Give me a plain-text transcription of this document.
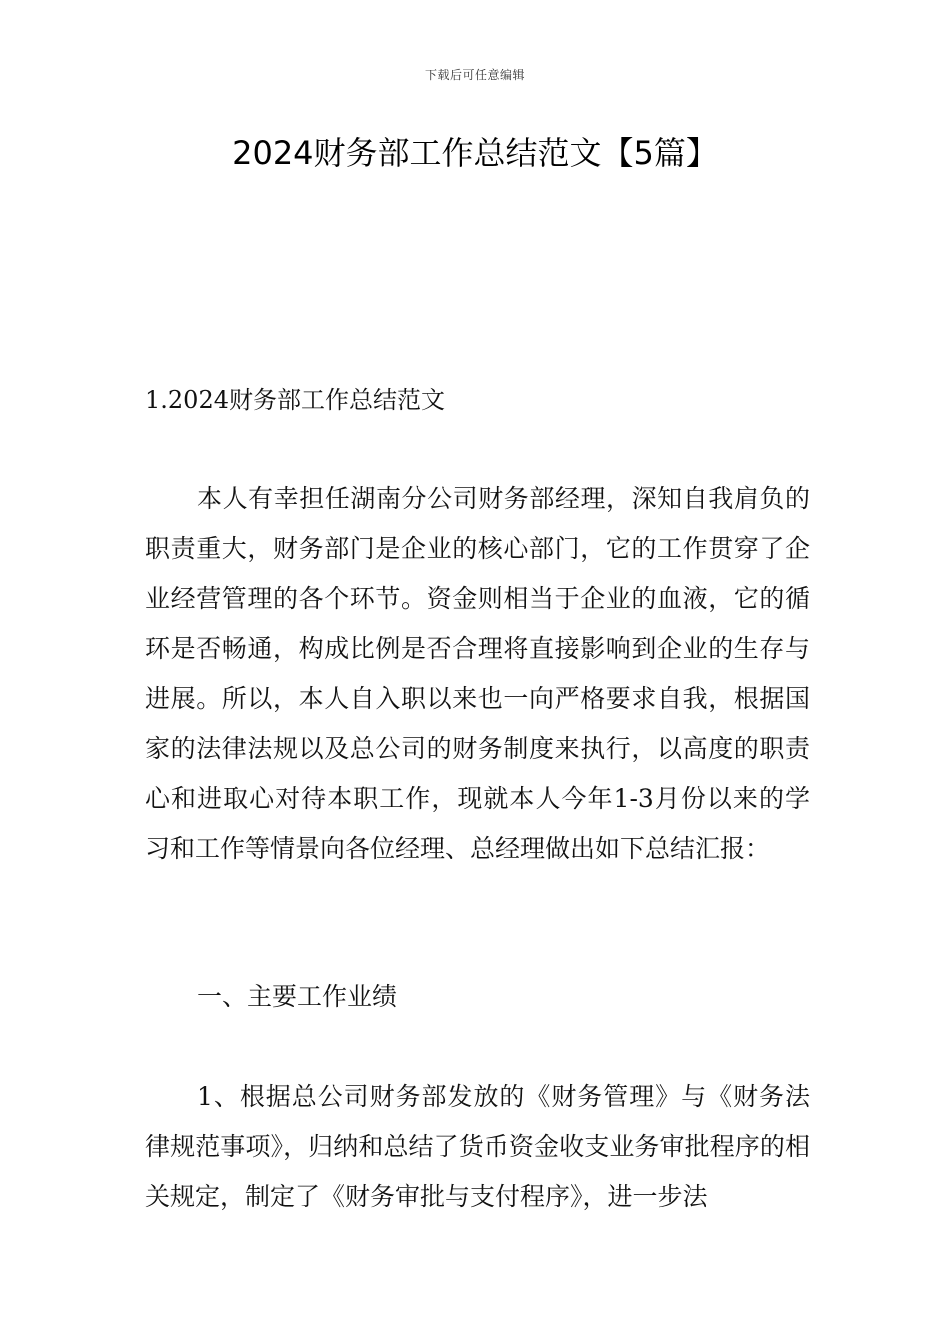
下载后可任意编辑
2024财务部工作总结范文【5篇】
1.2024财务部工作总结范文

本人有幸担任湖南分公司财务部经理，深知自我肩负的职责重大，财务部门是企业的核心部门，它的工作贯穿了企业经营管理的各个环节。资金则相当于企业的血液，它的循环是否畅通，构成比例是否合理将直接影响到企业的生存与进展。所以，本人自入职以来也一向严格要求自我，根据国家的法律法规以及总公司的财务制度来执行，以高度的职责心和进取心对待本职工作，现就本人今年1-3月份以来的学习和工作等情景向各位经理、总经理做出如下总结汇报：

一、主要工作业绩

1、根据总公司财务部发放的《财务管理》与《财务法律规范事项》，归纳和总结了货币资金收支业务审批程序的相关规定，制定了《财务审批与支付程序》，进一步法
